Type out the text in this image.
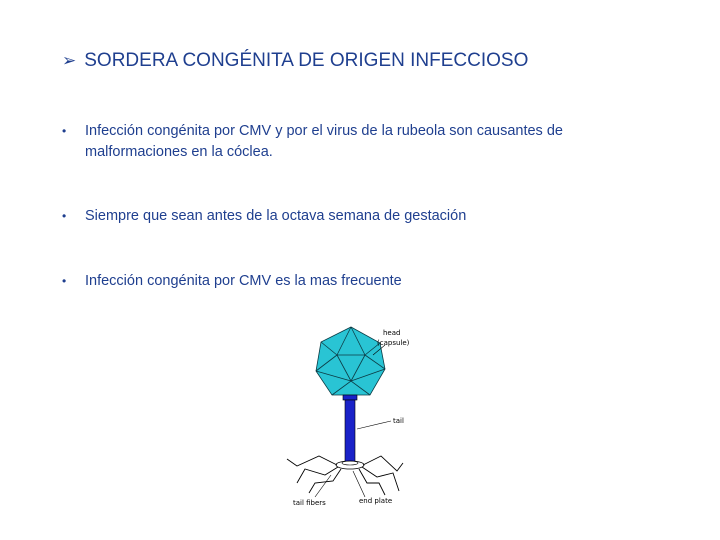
➢ SORDERA CONGÉNITA DE ORIGEN INFECCIOSO
•	Infección congénita por CMV y por el virus de la rubeola son causantes de malformaciones en la cóclea.
•	Siempre que sean antes de la octava semana de gestación
•	Infección congénita por CMV es la mas frecuente
head
(capsule)
tail
tail fibers	end plate
